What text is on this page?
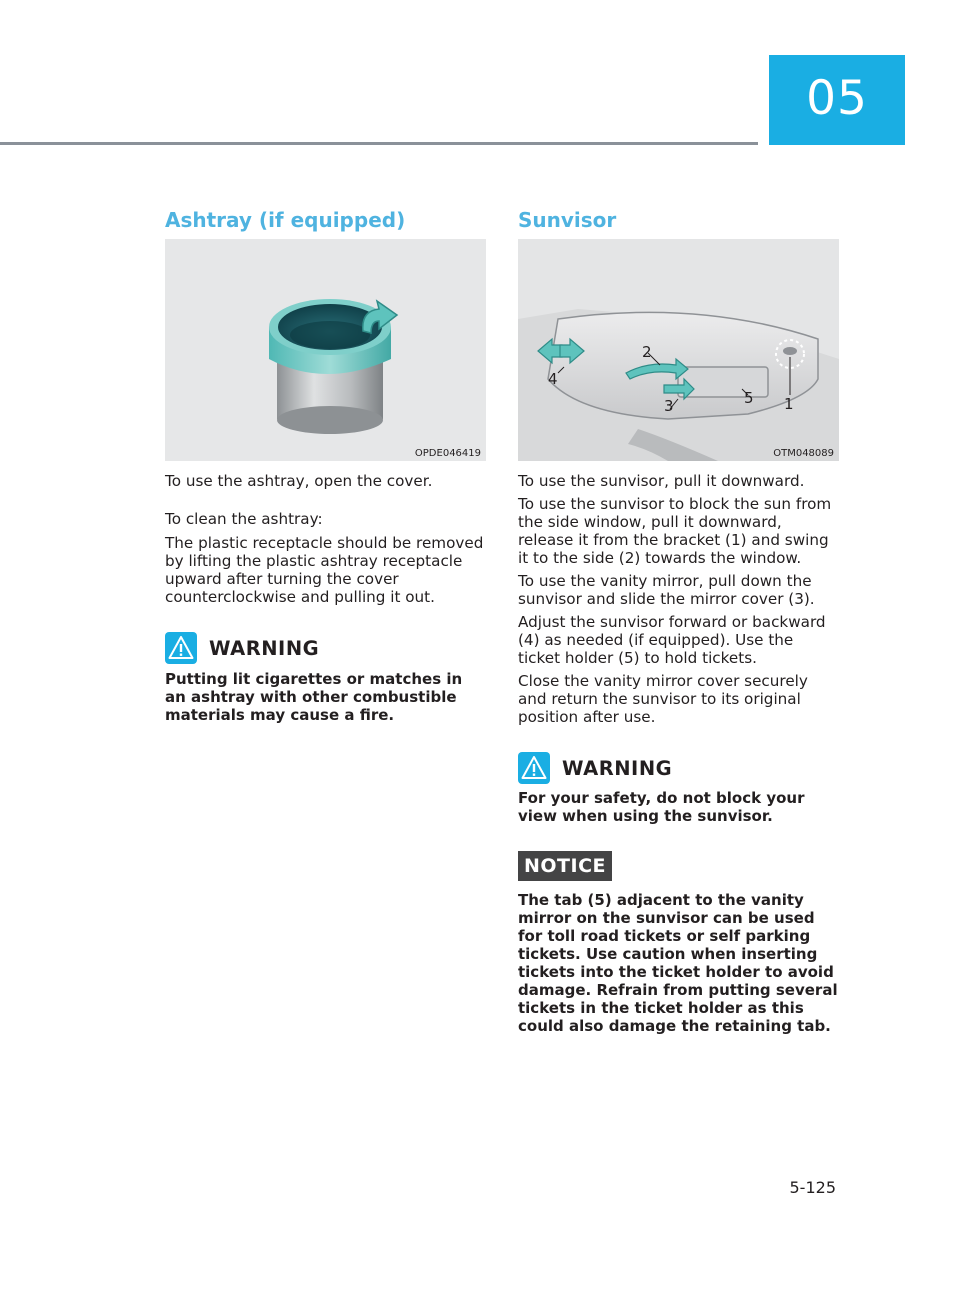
05
Ashtray (if equipped)
OPDE046419

To use the ashtray, open the cover.

To clean the ashtray:

The plastic receptacle should be removed by lifting the plastic ashtray receptacle upward after turning the cover counterclockwise and pulling it out.

WARNING

Putting lit cigarettes or matches in an ashtray with other combustible materials may cause a fire.

Sunvisor
2
4
3	5 1
OTM048089

To use the sunvisor, pull it downward.

To use the sunvisor to block the sun from the side window, pull it downward, release it from the bracket (1) and swing it to the side (2) towards the window.

To use the vanity mirror, pull down the sunvisor and slide the mirror cover (3).

Adjust the sunvisor forward or backward (4) as needed (if equipped). Use the ticket holder (5) to hold tickets.

Close the vanity mirror cover securely and return the sunvisor to its original position after use.

WARNING

For your safety, do not block your view when using the sunvisor.

NOTICE

The tab (5) adjacent to the vanity mirror on the sunvisor can be used for toll road tickets or self parking tickets. Use caution when inserting tickets into the ticket holder to avoid damage. Refrain from putting several tickets in the ticket holder as this could also damage the retaining tab.

5-125
